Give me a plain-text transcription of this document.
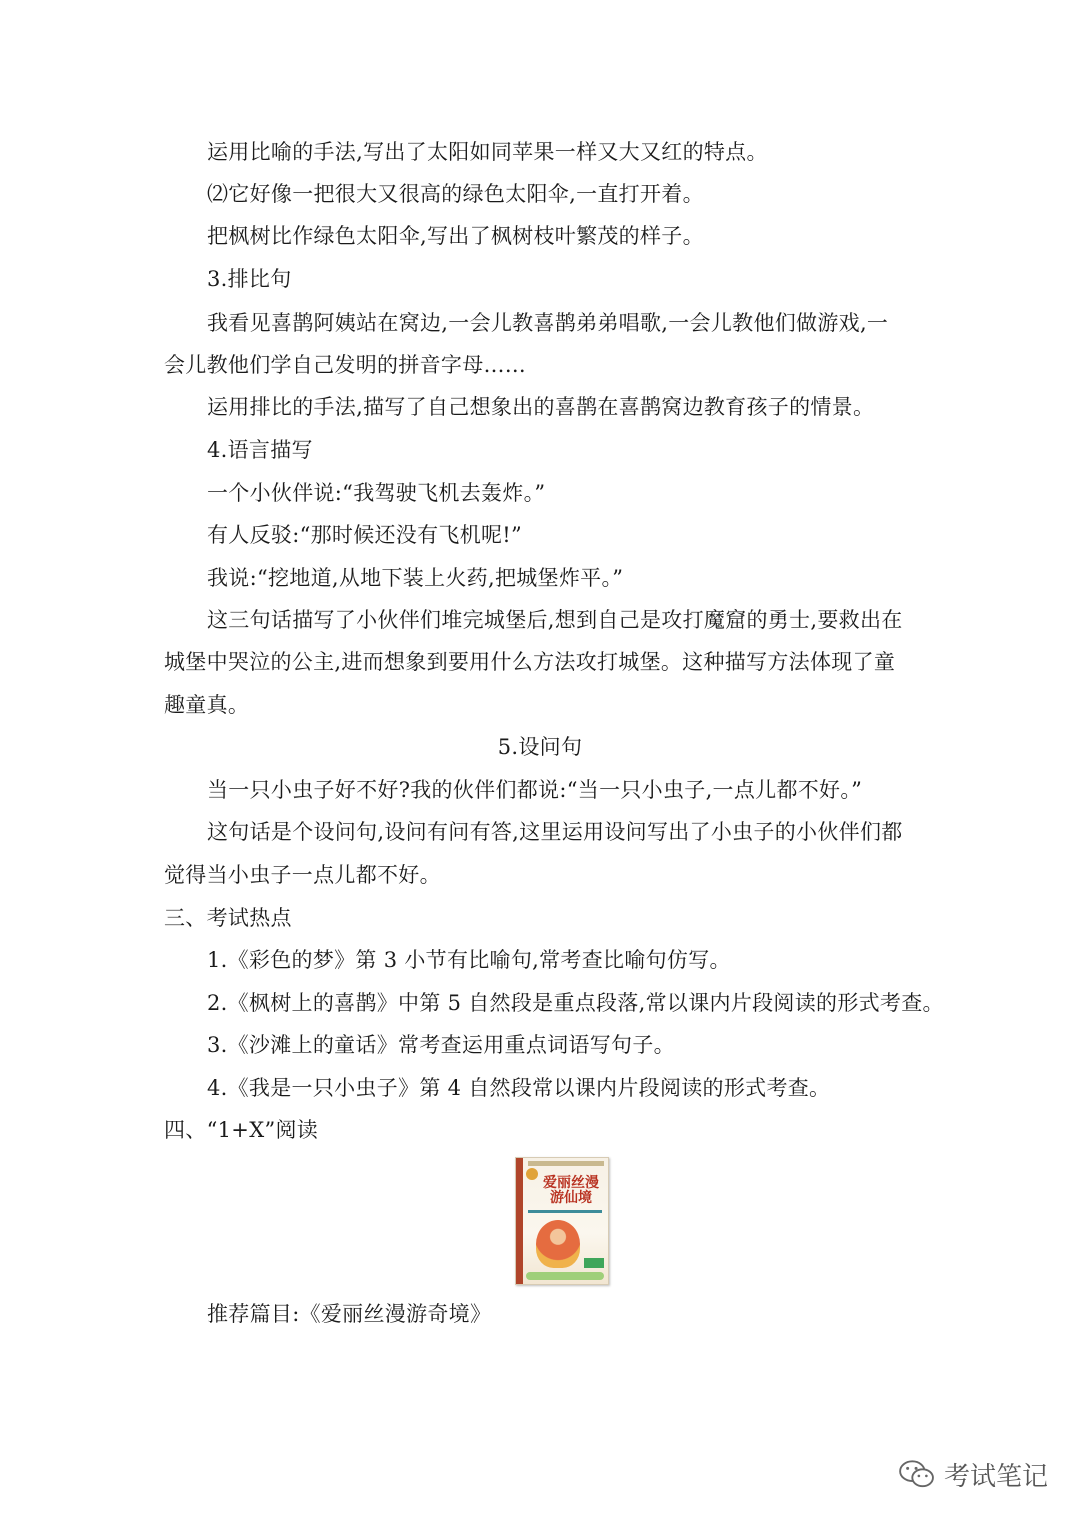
运用比喻的手法,写出了太阳如同苹果一样又大又红的特点。
⑵它好像一把很大又很高的绿色太阳伞,一直打开着。
把枫树比作绿色太阳伞,写出了枫树枝叶繁茂的样子。
3.排比句
我看见喜鹊阿姨站在窝边,一会儿教喜鹊弟弟唱歌,一会儿教他们做游戏,一
会儿教他们学自己发明的拼音字母……
运用排比的手法,描写了自己想象出的喜鹊在喜鹊窝边教育孩子的情景。
4.语言描写
一个小伙伴说:“我驾驶飞机去轰炸。”
有人反驳:“那时候还没有飞机呢!”
我说:“挖地道,从地下装上火药,把城堡炸平。”
这三句话描写了小伙伴们堆完城堡后,想到自己是攻打魔窟的勇士,要救出在
城堡中哭泣的公主,进而想象到要用什么方法攻打城堡。这种描写方法体现了童
趣童真。
5.设问句
当一只小虫子好不好?我的伙伴们都说:“当一只小虫子,一点儿都不好。”
这句话是个设问句,设问有问有答,这里运用设问写出了小虫子的小伙伴们都
觉得当小虫子一点儿都不好。
三、考试热点
1.《彩色的梦》第 3 小节有比喻句,常考查比喻句仿写。
2.《枫树上的喜鹊》中第 5 自然段是重点段落,常以课内片段阅读的形式考查。
3.《沙滩上的童话》常考查运用重点词语写句子。
4.《我是一只小虫子》第 4 自然段常以课内片段阅读的形式考查。
四、“1+X”阅读
爱丽丝漫游仙境
推荐篇目:《爱丽丝漫游奇境》
考试笔记
